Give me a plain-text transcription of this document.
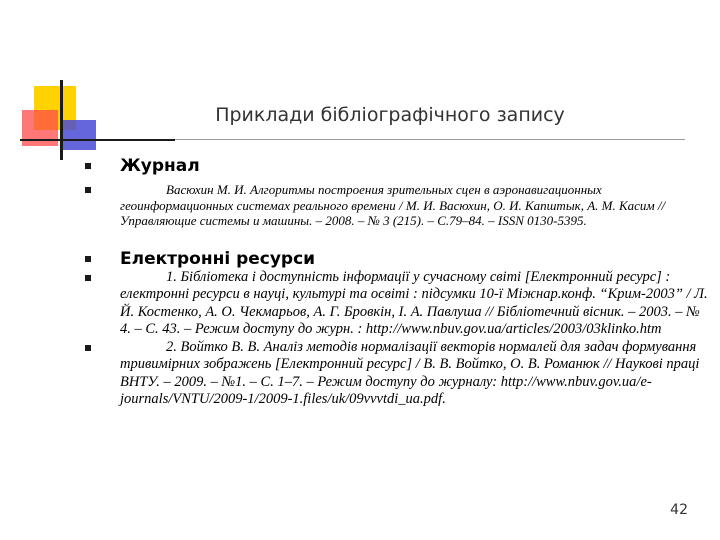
Приклади бібліографічного запису
Журнал
Васюхин М. И. Алгоритмы построения зрительных сцен в аэронавигационных геоинформационных системах реального времени / М. И. Васюхин, О. И. Капштык, А. М. Касим // Управляющие системы и машины. – 2008. – № 3 (215). – С.79–84. – ISSN 0130-5395.
Електронні ресурси
1. Бібліотека і доступність інформації у сучасному світі [Електронний ресурс] : електронні ресурси в науці, культурі та освіті : підсумки 10-ї Міжнар.конф. “Крим-2003” / Л. Й. Костенко, А. О. Чекмарьов, А. Г. Бровкін, І. А. Павлуша // Бібліотечний вісник. – 2003. – № 4. – С. 43. – Режим доступу до журн. : http://www.nbuv.gov.ua/articles/2003/03klinko.htm
2. Войтко В. В. Аналіз методів нормалізації векторів нормалей для задач формування тривимірних зображень [Електронний ресурс] / В. В. Войтко, О. В. Романюк // Наукові праці ВНТУ. – 2009. – №1. – С. 1–7. – Режим доступу до журналу: http://www.nbuv.gov.ua/e-journals/VNTU/2009-1/2009-1.files/uk/09vvvtdi_ua.pdf.
42
